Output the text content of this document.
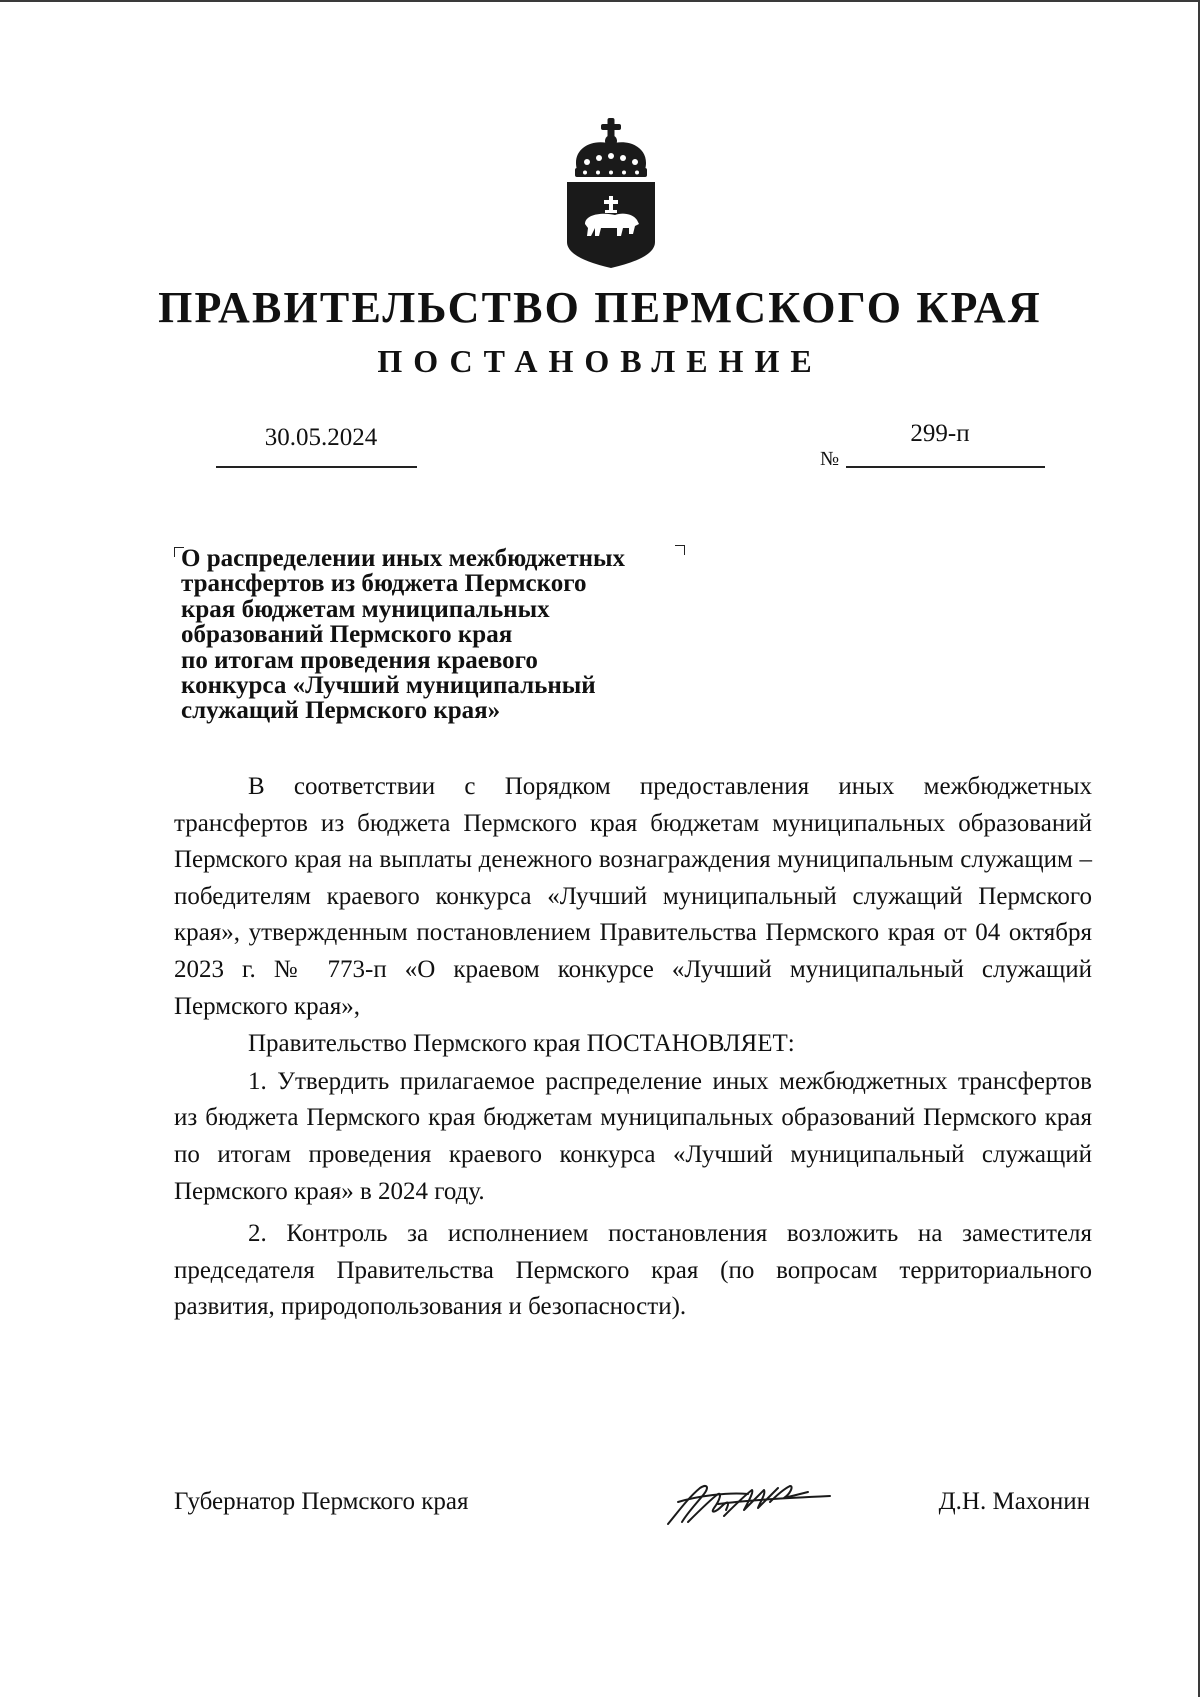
ПРАВИТЕЛЬСТВО ПЕРМСКОГО КРАЯ
ПОСТАНОВЛЕНИЕ
30.05.2024
№
299-п
О распределении иных межбюджетных
трансфертов из бюджета Пермского
края бюджетам муниципальных
образований Пермского края
по итогам проведения краевого
конкурса «Лучший муниципальный
служащий Пермского края»

В соответствии с Порядком предоставления иных межбюджетных трансфертов из бюджета Пермского края бюджетам муниципальных образований Пермского края на выплаты денежного вознаграждения муниципальным служащим – победителям краевого конкурса «Лучший муниципальный служащий Пермского края», утвержденным постановлением Правительства Пермского края от 04 октября 2023 г. № 773-п «О краевом конкурсе «Лучший муниципальный служащий Пермского края»,

Правительство Пермского края ПОСТАНОВЛЯЕТ:

1. Утвердить прилагаемое распределение иных межбюджетных трансфертов из бюджета Пермского края бюджетам муниципальных образований Пермского края по итогам проведения краевого конкурса «Лучший муниципальный служащий Пермского края» в 2024 году.

2. Контроль за исполнением постановления возложить на заместителя председателя Правительства Пермского края (по вопросам территориального развития, природопользования и безопасности).

Губернатор Пермского края	Д.Н. Махонин
